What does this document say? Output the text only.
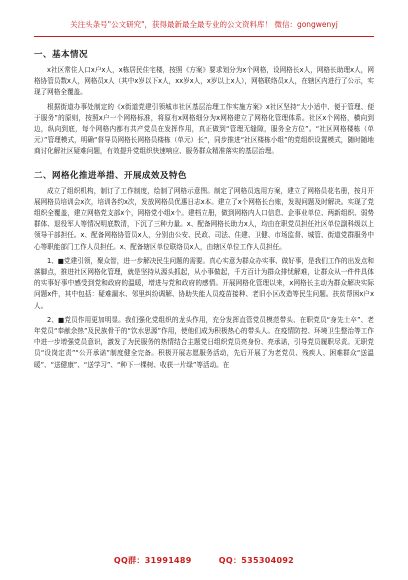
关注头条号"公文研究"，获得最新最全最专业的公文资料库！ 微信：gongwenyj
一、基本情况

x社区常住人口x户x人，x栋居民住宅楼，按照《方案》要求划分为x个网格，设网格长x人，网格长助理x人，网格协管员数x人，网格员x人（其中x岁以下x人，xx岁x人，x岁以上x人），网格联络员x人，在辖区内进行了公示，实现了网格全覆盖。

根据街道办事处制定的《x街道党建引领城市社区基层治理工作实施方案》x社区坚持“大小适中、便于管理、便于服务”的原则，按照x户一个网格标准，将原有x网格细分为x网格建立了网格化管理体系。社区x个网格，横向到边，纵向到底，每个网格内都有共产党员在发挥作用，真正做到“管理无缝隙，服务全方位”。“社区网格楼栋（单元）”管理模式，明确“督导员网格长网格员楼栋（单元）长”，同步推进“社区楼栋小组”的党组织设置模式，随时随地商讨化解社区疑难问题，有效提升党组织快速响应、服务群众精准落实的基层治理。

二、网格化推进举措、开展成效及特色

成立了组织机构，制订了工作制度，绘制了网格示意图。制定了网格员选用方案，建立了网格员花名册，按月开展网格员培训会x次，培训各约x次，发放网格员优惠日志x本。建立了x个网格长台账，发现问题及时解决。实现了党组织全覆盖，建立网格党支部x个，网格党小组x个。建档立册，做到网格内人口信息、企事业单位、两新组织、弱势群体、退役军人等情况明底数清，下沉了三种力量。x、配备网格长助力x人，均由在职党员担任社区单位副科级以上领导干部担任。x、配备网格协管员x人，分别由公安、民政、司法、住建、卫健、市场监督、城管、街道党群服务中心等职能部门工作人员担任。x、配备辖区单位联络员x人，由辖区单位工作人员担任。

1、■党建引领，聚众智，进一步解决民生问题的需要。真心实意为群众办实事、做好事，是我们工作的出发点和落脚点，推进社区网格化管理，就是坚持从源头抓起，从小事做起，千方百计为群众排忧解难，让群众从一件件具体的实事好事中感受到党和政府的温暖，增进与党和政府的感情。开展网格化管理以来，x网格长主动为群众解决实际问题x件，其中包括：疑难漏水、邻里纠纷调解、协助失能人员疫苗接种、老旧小区改造等民生问题。扶贫帮困x户x人。

2、■党员作用更加明显。我们强化党组织的龙头作用，充分发挥直管党员模范带头、在职党员“身先士卒”、老年党员“奉献余热”及民族骨干的“饮水思源”作用，使他们成为积极热心的带头人。在疫情防控、环境卫生整治等工作中进一步增强党员意识，激发了为民服务的热情结合主题党日组织党员亮身份、亮承诺，引导党员履职尽责。无职党员“设岗定责”“公开承诺”制度健全完备。积极开展志愿服务活动，先后开展了为老党员、残疾人、困难群众“送温暖”、“送健康”、“送学习”、“种下一棵树、收获一片绿”等活动。在

QQ群：31991489	QQ：535304092
